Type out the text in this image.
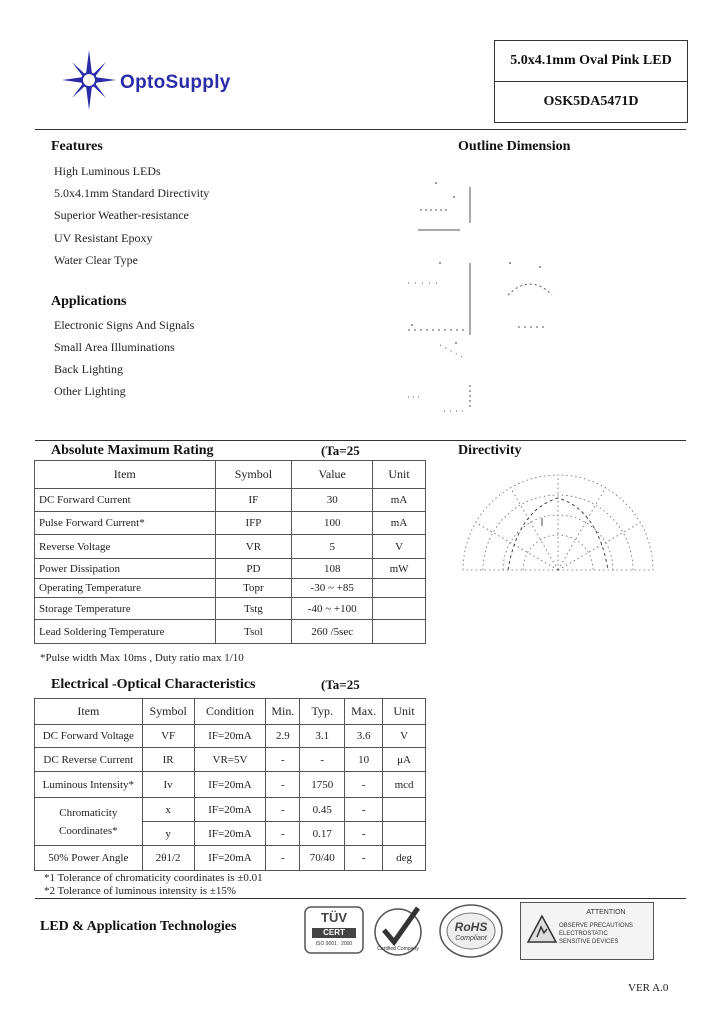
OptoSupply
5.0x4.1mm Oval Pink LED
OSK5DA5471D
Features
High Luminous LEDs
5.0x4.1mm Standard Directivity
Superior Weather-resistance
UV Resistant Epoxy
Water Clear Type
Applications
Electronic Signs And Signals
Small Area Illuminations
Back Lighting
Other Lighting
Outline Dimension
Absolute Maximum Rating	(Ta=25
Item	Symbol	Value	Unit
DC Forward Current	IF	30	mA
Pulse Forward Current*	IFP	100	mA
Reverse Voltage	VR	5	V
Power Dissipation	PD	108	mW
Operating Temperature	Topr	-30 ~ +85	
Storage Temperature	Tstg	-40 ~ +100	
Lead Soldering Temperature	Tsol	260 /5sec	
*Pulse width Max 10ms , Duty ratio max 1/10
Directivity
Electrical -Optical Characteristics	(Ta=25
Item	Symbol	Condition	Min.	Typ.	Max.	Unit
DC Forward Voltage	VF	IF=20mA	2.9	3.1	3.6	V
DC Reverse Current	IR	VR=5V	-	-	10	μA
Luminous Intensity*	Iv	IF=20mA	-	1750	-	mcd
Chromaticity
Coordinates*	x	IF=20mA	-	0.45	-	
	y	IF=20mA	-	0.17	-	
50% Power Angle	2θ1/2	IF=20mA	-	70/40	-	deg
*1 Tolerance of chromaticity coordinates is ±0.01
*2 Tolerance of luminous intensity is ±15%
LED & Application Technologies
TÜV
CERT
ISO 9001 : 2000
Certified Company
RoHS
Compliant
ATTENTION
OBSERVE PRECAUTIONS
ELECTROSTATIC
SENSITIVE DEVICES
VER A.0
